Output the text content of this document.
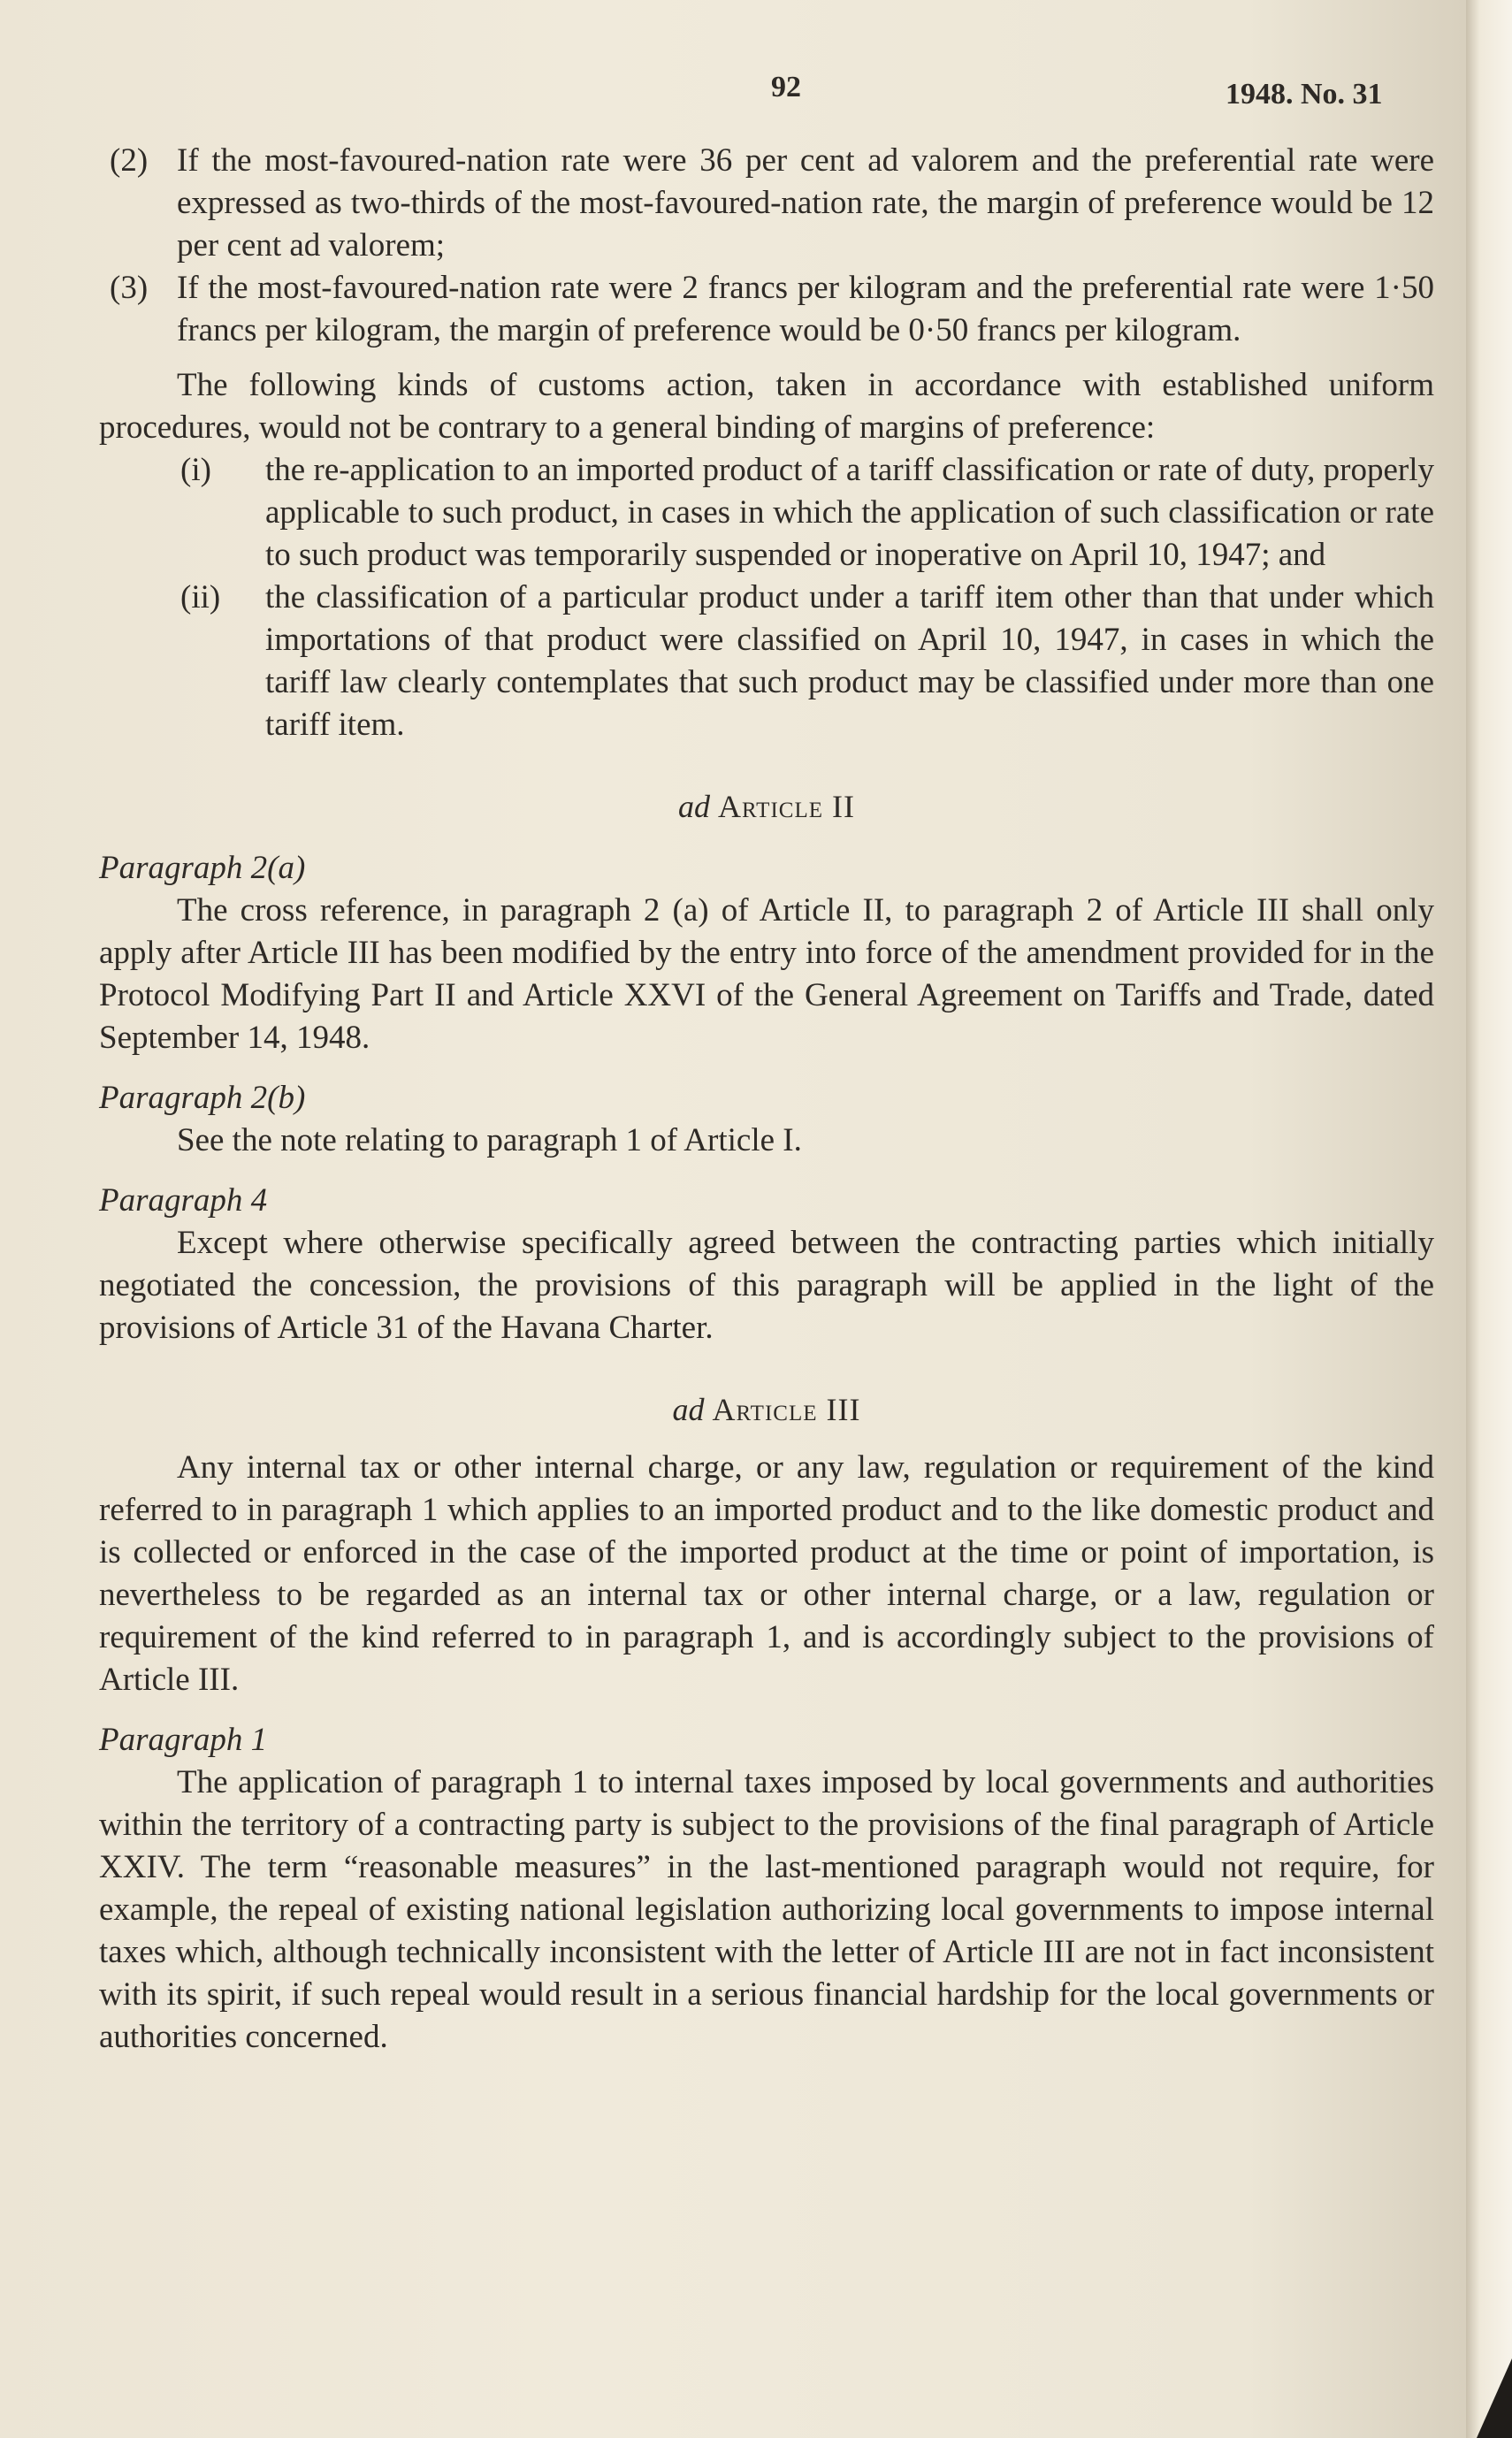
92	1948. No. 31
(2) If the most-favoured-nation rate were 36 per cent ad valorem and the preferential rate were expressed as two-thirds of the most-favoured-nation rate, the margin of preference would be 12 per cent ad valorem;
(3) If the most-favoured-nation rate were 2 francs per kilogram and the preferential rate were 1·50 francs per kilogram, the margin of preference would be 0·50 francs per kilogram.

The following kinds of customs action, taken in accordance with established uniform procedures, would not be contrary to a general binding of margins of preference:

(i)	the re-application to an imported product of a tariff classification or rate of duty, properly applicable to such product, in cases in which the application of such classification or rate to such product was temporarily suspended or inoperative on April 10, 1947; and
(ii)	the classification of a particular product under a tariff item other than that under which importations of that product were classified on April 10, 1947, in cases in which the tariff law clearly contemplates that such product may be classified under more than one tariff item.
ad Article II
Paragraph 2(a)

The cross reference, in paragraph 2 (a) of Article II, to paragraph 2 of Article III shall only apply after Article III has been modified by the entry into force of the amendment provided for in the Protocol Modifying Part II and Article XXVI of the General Agreement on Tariffs and Trade, dated September 14, 1948.

Paragraph 2(b)

See the note relating to paragraph 1 of Article I.

Paragraph 4

Except where otherwise specifically agreed between the contracting parties which initially negotiated the concession, the provisions of this paragraph will be applied in the light of the provisions of Article 31 of the Havana Charter.

ad Article III

Any internal tax or other internal charge, or any law, regulation or requirement of the kind referred to in paragraph 1 which applies to an imported product and to the like domestic product and is collected or enforced in the case of the imported product at the time or point of importation, is nevertheless to be regarded as an internal tax or other internal charge, or a law, regulation or requirement of the kind referred to in paragraph 1, and is accordingly subject to the provisions of Article III.

Paragraph 1

The application of paragraph 1 to internal taxes imposed by local governments and authorities within the territory of a contracting party is subject to the provisions of the final paragraph of Article XXIV. The term “reasonable measures” in the last-mentioned paragraph would not require, for example, the repeal of existing national legislation authorizing local governments to impose internal taxes which, although technically inconsistent with the letter of Article III are not in fact inconsistent with its spirit, if such repeal would result in a serious financial hardship for the local governments or authorities concerned.
